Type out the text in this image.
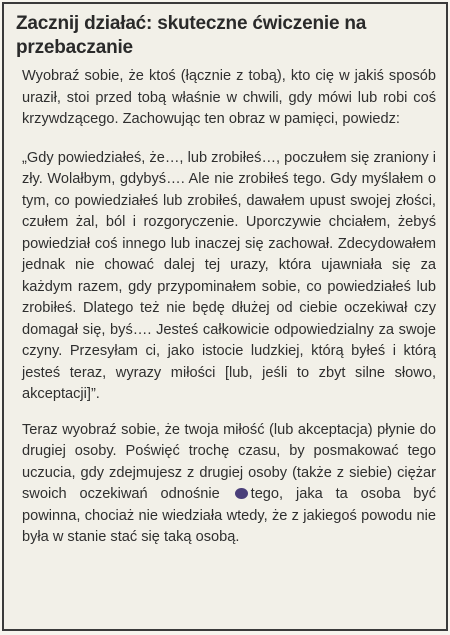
Zacznij działać: skuteczne ćwiczenie na przebaczanie

Wyobraź sobie, że ktoś (łącznie z tobą), kto cię w jakiś sposób uraził, stoi przed tobą właśnie w chwili, gdy mówi lub robi coś krzywdzącego. Zachowując ten obraz w pamięci, powiedz:

„Gdy powiedziałeś, że…, lub zrobiłeś…, poczułem się zraniony i zły. Wolałbym, gdybyś…. Ale nie zrobiłeś tego. Gdy myślałem o tym, co powiedziałeś lub zrobiłeś, dawałem upust swojej złości, czułem żal, ból i rozgoryczenie. Uporczywie chciałem, żebyś powiedział coś innego lub inaczej się zachował. Zdecydowałem jednak nie chować dalej tej urazy, która ujawniała się za każdym razem, gdy przypominałem sobie, co powiedziałeś lub zrobiłeś. Dlatego też nie będę dłużej od ciebie oczekiwał czy domagał się, byś…. Jesteś całkowicie odpowiedzialny za swoje czyny. Przesyłam ci, jako istocie ludzkiej, którą byłeś i którą jesteś teraz, wyrazy miłości [lub, jeśli to zbyt silne słowo, akceptacji]”.

Teraz wyobraź sobie, że twoja miłość (lub akceptacja) płynie do drugiej osoby. Poświęć trochę czasu, by posmakować tego uczucia, gdy zdejmujesz z drugiej osoby (także z siebie) ciężar swoich oczekiwań odnośnie tego, jaka ta osoba być powinna, chociaż nie wiedziała wtedy, że z jakiegoś powodu nie była w stanie stać się taką osobą.
